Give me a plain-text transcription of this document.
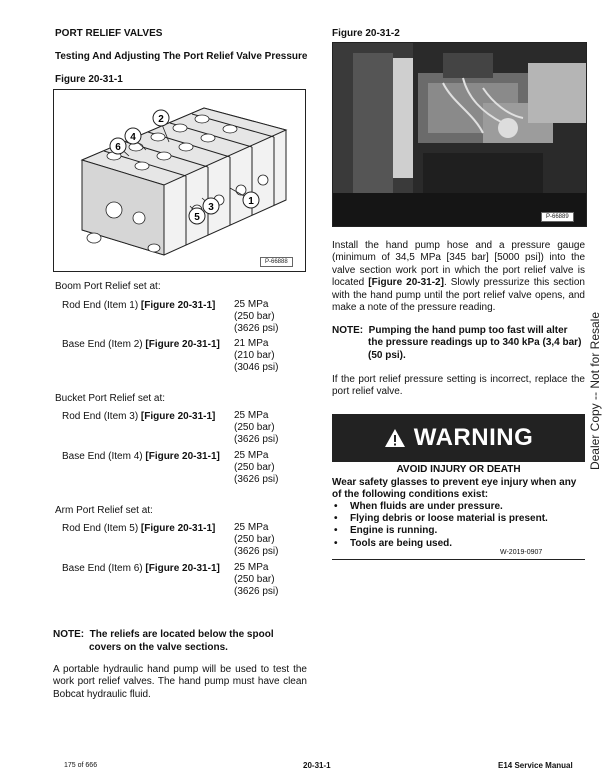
PORT RELIEF VALVES
Testing And Adjusting The Port Relief Valve Pressure
Figure 20-31-1
2
4
6
1
3
5
P-66888
Figure 20-31-2
P-66889
Boom Port Relief set at:
Rod End (Item 1) [Figure 20-31-1] 25 MPa
(250 bar)
(3626 psi)
Base End (Item 2) [Figure 20-31-1] 21 MPa
(210 bar)
(3046 psi)
Bucket Port Relief set at:
Rod End (Item 3) [Figure 20-31-1] 25 MPa
(250 bar)
(3626 psi)
Base End (Item 4) [Figure 20-31-1] 25 MPa
(250 bar)
(3626 psi)
Arm Port Relief set at:
Rod End (Item 5) [Figure 20-31-1] 25 MPa
(250 bar)
(3626 psi)
Base End (Item 6) [Figure 20-31-1] 25 MPa
(250 bar)
(3626 psi)
NOTE:  The reliefs are located below the spool covers on the valve sections.
A portable hydraulic hand pump will be used to test the work port relief valves. The hand pump must have clean Bobcat hydraulic fluid.
Install the hand pump hose and a pressure gauge (minimum of 34,5 MPa [345 bar] [5000 psi]) into the valve section work port in which the port relief valve is located [Figure 20-31-2]. Slowly pressurize this section with the hand pump until the port relief valve opens, and make a note of the pressure reading.
NOTE:  Pumping the hand pump too fast will alter the pressure readings up to 340 kPa (3,4 bar) (50 psi).
If the port relief pressure setting is incorrect, replace the port relief valve.
WARNING
AVOID INJURY OR DEATH
Wear safety glasses to prevent eye injury when any of the following conditions exist:
• When fluids are under pressure.
• Flying debris or loose material is present.
• Engine is running.
• Tools are being used.
W-2019-0907
Dealer Copy -- Not for Resale
175 of 666	20-31-1	E14 Service Manual
